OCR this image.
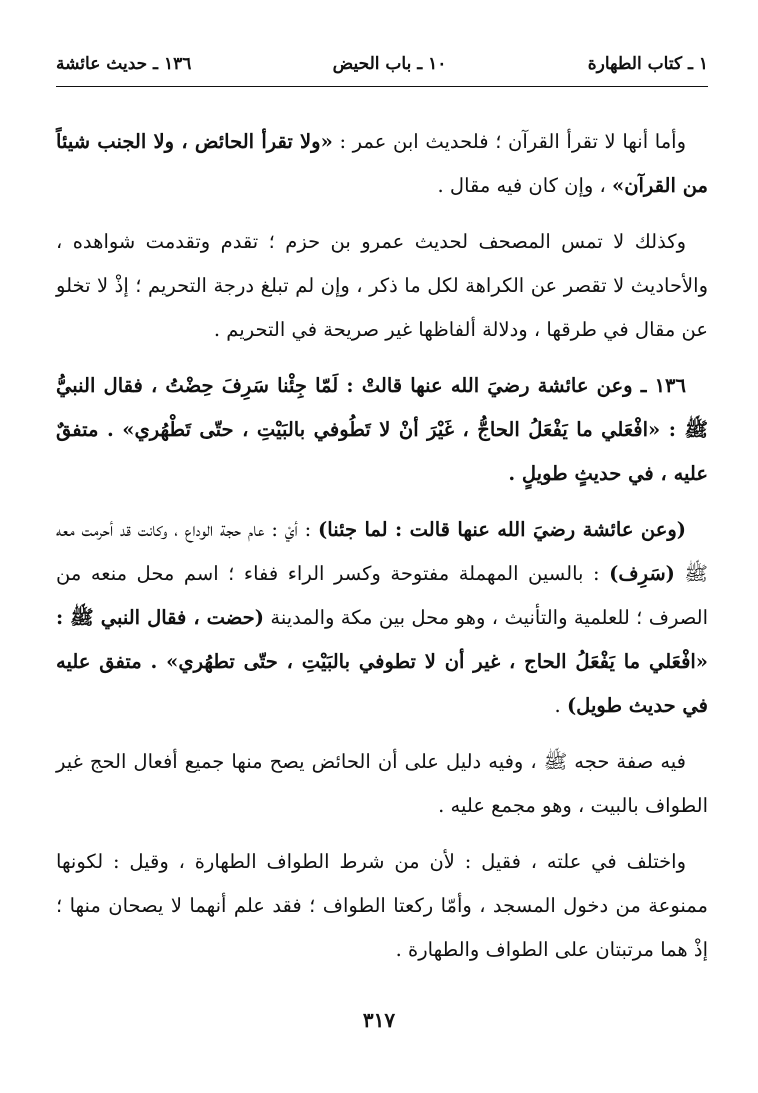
١ ـ كتاب الطهارة
١٠ ـ باب الحيض
١٣٦ ـ حديث عائشة

وأما أنها لا تقرأ القرآن ؛ فلحديث ابن عمر : «ولا تقرأ الحائض ، ولا الجنب شيئاً من القرآن» ، وإن كان فيه مقال .

وكذلك لا تمس المصحف لحديث عمرو بن حزم ؛ تقدم وتقدمت شواهده ، والأحاديث لا تقصر عن الكراهة لكل ما ذكر ، وإن لم تبلغ درجة التحريم ؛ إذْ لا تخلو عن مقال في طرقها ، ودلالة ألفاظها غير صريحة في التحريم .

١٣٦ ـ وعن عائشة رضيَ الله عنها قالتْ : لَمّا جِئْنا سَرِفَ حِضْتُ ، فقال النبيُّ ﷺ : «افْعَلي ما يَفْعَلُ الحاجُّ ، غَيْرَ أنْ لا تَطُوفي بالبَيْتِ ، حتّى تَطْهُري» . متفقٌ عليه ، في حديثٍ طويلٍ .

(وعن عائشة رضيَ الله عنها قالت : لما جئنا) : أيْ : عام حجة الوداع ، وكانت قد أحرمت معه ﷺ (سَرِف) : بالسين المهملة مفتوحة وكسر الراء ففاء ؛ اسم محل منعه من الصرف ؛ للعلمية والتأنيث ، وهو محل بين مكة والمدينة (حضت ، فقال النبي ﷺ : «افْعَلي ما يَفْعَلُ الحاج ، غير أن لا تطوفي بالبَيْتِ ، حتّى تطهُري» . متفق عليه في حديث طويل) .

فيه صفة حجه ﷺ ، وفيه دليل على أن الحائض يصح منها جميع أفعال الحج غير الطواف بالبيت ، وهو مجمع عليه .

واختلف في علته ، فقيل : لأن من شرط الطواف الطهارة ، وقيل : لكونها ممنوعة من دخول المسجد ، وأمّا ركعتا الطواف ؛ فقد علم أنهما لا يصحان منها ؛ إذْ هما مرتبتان على الطواف والطهارة .

٣١٧
